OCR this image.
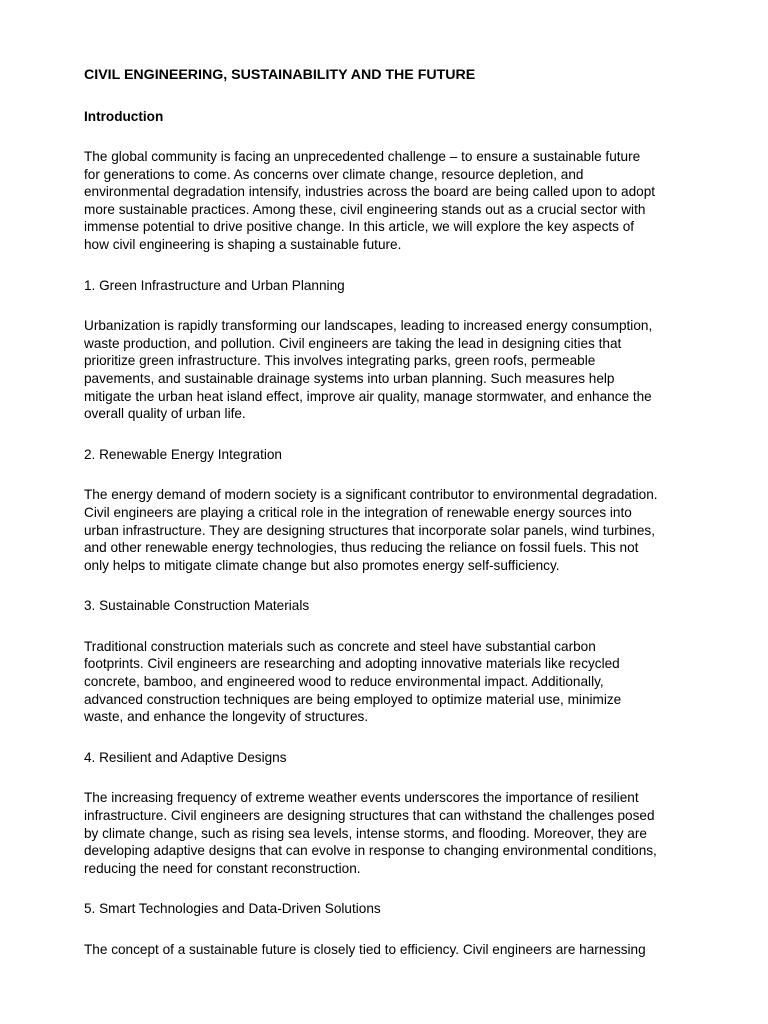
CIVIL ENGINEERING, SUSTAINABILITY AND THE FUTURE
Introduction

The global community is facing an unprecedented challenge – to ensure a sustainable future
for generations to come. As concerns over climate change, resource depletion, and
environmental degradation intensify, industries across the board are being called upon to adopt
more sustainable practices. Among these, civil engineering stands out as a crucial sector with
immense potential to drive positive change. In this article, we will explore the key aspects of
how civil engineering is shaping a sustainable future.

1. Green Infrastructure and Urban Planning

Urbanization is rapidly transforming our landscapes, leading to increased energy consumption,
waste production, and pollution. Civil engineers are taking the lead in designing cities that
prioritize green infrastructure. This involves integrating parks, green roofs, permeable
pavements, and sustainable drainage systems into urban planning. Such measures help
mitigate the urban heat island effect, improve air quality, manage stormwater, and enhance the
overall quality of urban life.

2. Renewable Energy Integration

The energy demand of modern society is a significant contributor to environmental degradation.
Civil engineers are playing a critical role in the integration of renewable energy sources into
urban infrastructure. They are designing structures that incorporate solar panels, wind turbines,
and other renewable energy technologies, thus reducing the reliance on fossil fuels. This not
only helps to mitigate climate change but also promotes energy self-sufficiency.

3. Sustainable Construction Materials

Traditional construction materials such as concrete and steel have substantial carbon
footprints. Civil engineers are researching and adopting innovative materials like recycled
concrete, bamboo, and engineered wood to reduce environmental impact. Additionally,
advanced construction techniques are being employed to optimize material use, minimize
waste, and enhance the longevity of structures.

4. Resilient and Adaptive Designs

The increasing frequency of extreme weather events underscores the importance of resilient
infrastructure. Civil engineers are designing structures that can withstand the challenges posed
by climate change, such as rising sea levels, intense storms, and flooding. Moreover, they are
developing adaptive designs that can evolve in response to changing environmental conditions,
reducing the need for constant reconstruction.

5. Smart Technologies and Data-Driven Solutions

The concept of a sustainable future is closely tied to efficiency. Civil engineers are harnessing
